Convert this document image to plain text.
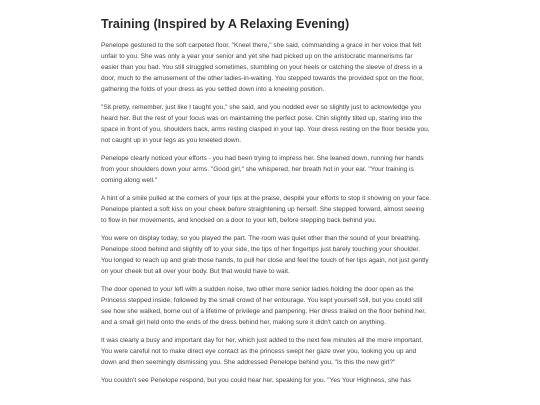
Training (Inspired by A Relaxing Evening)

Penelope gestured to the soft carpeted floor. "Kneel there," she said, commanding a grace in her voice that felt unfair to you. She was only a year your senior and yet she had picked up on the aristocratic mannerisms far easier than you had. You still struggled sometimes, stumbling on your heels or catching the sleeve of dress in a door, much to the amusement of the other ladies-in-waiting. You stepped towards the provided spot on the floor, gathering the folds of your dress as you settled down into a kneeling position.

"Sit pretty, remember, just like I taught you," she said, and you nodded ever so slightly just to acknowledge you heard her. But the rest of your focus was on maintaining the perfect pose. Chin slightly tilted up, staring into the space in front of you, shoulders back, arms resting clasped in your lap. Your dress resting on the floor beside you, not caught up in your legs as you kneeled down.

Penelope clearly noticed your efforts - you had been trying to impress her. She leaned down, running her hands from your shoulders down your arms. "Good girl," she whispered, her breath hot in your ear. "Your training is coming along well."

A hint of a smile pulled at the corners of your lips at the praise, despite your efforts to stop it showing on your face. Penelope planted a soft kiss on your cheek before straightening up herself. She stepped forward, almost seeing to flow in her movements, and knocked on a door to your left, before stepping back behind you.

You were on display today, so you played the part. The room was quiet other than the sound of your breathing. Penelope stood behind and slightly off to your side, the tips of her fingertips just barely touching your shoulder. You longed to reach up and grab those hands, to pull her close and feel the touch of her lips again, not just gently on your cheek but all over your body. But that would have to wait.

The door opened to your left with a sudden noise, two other more senior ladies holding the door open as the Princess stepped inside, followed by the small crowd of her entourage. You kept yourself still, but you could still see how she walked, borne out of a lifetime of privilege and pampering. Her dress trailed on the floor behind her, and a small girl held onto the ends of the dress behind her, making sure it didn't catch on anything.

It was clearly a busy and important day for her, which just added to the next few minutes all the more important. You were careful not to make direct eye contact as the princess swept her gaze over you, looking you up and down and then seemingly dismissing you. She addressed Penelope behind you, "Is this the new girl?"

You couldn't see Penelope respond, but you could hear her, speaking for you. "Yes Your Highness, she has
